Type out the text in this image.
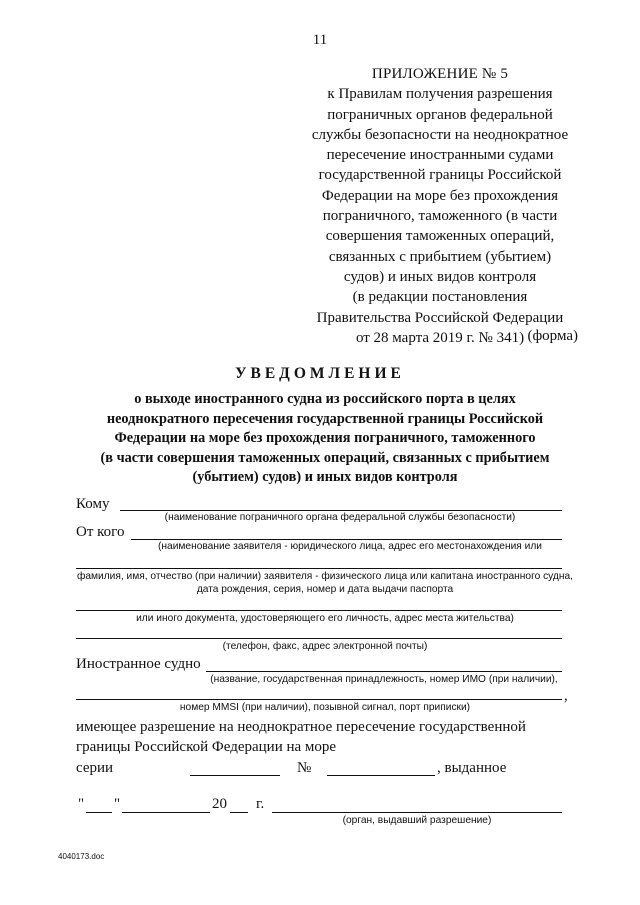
11
ПРИЛОЖЕНИЕ № 5
к Правилам получения разрешения
пограничных органов федеральной
службы безопасности на неоднократное
пересечение иностранными судами
государственной границы Российской
Федерации на море без прохождения
пограничного, таможенного (в части
совершения таможенных операций,
связанных с прибытием (убытием)
судов) и иных видов контроля
(в редакции постановления
Правительства Российской Федерации
от 28 марта 2019 г. № 341) (форма)
УВЕДОМЛЕНИЕ
о выходе иностранного судна из российского порта в целях
неоднократного пересечения государственной границы Российской
Федерации на море без прохождения пограничного, таможенного
(в части совершения таможенных операций, связанных с прибытием
(убытием) судов) и иных видов контроля
Кому
(наименование пограничного органа федеральной службы безопасности)
От кого
(наименование заявителя - юридического лица, адрес его местонахождения или
фамилия, имя, отчество (при наличии) заявителя - физического лица или капитана иностранного судна,
дата рождения, серия, номер и дата выдачи паспорта
или иного документа, удостоверяющего его личность, адрес места жительства)
(телефон, факс, адрес электронной почты)
Иностранное судно
(название, государственная принадлежность, номер ИМО (при наличии),
,
номер MMSI (при наличии), позывной сигнал, порт приписки)
имеющее разрешение на неоднократное пересечение государственной
границы Российской Федерации на море
серии	№	, выданное
" "	20 г.
(орган, выдавший разрешение)
4040173.doc
